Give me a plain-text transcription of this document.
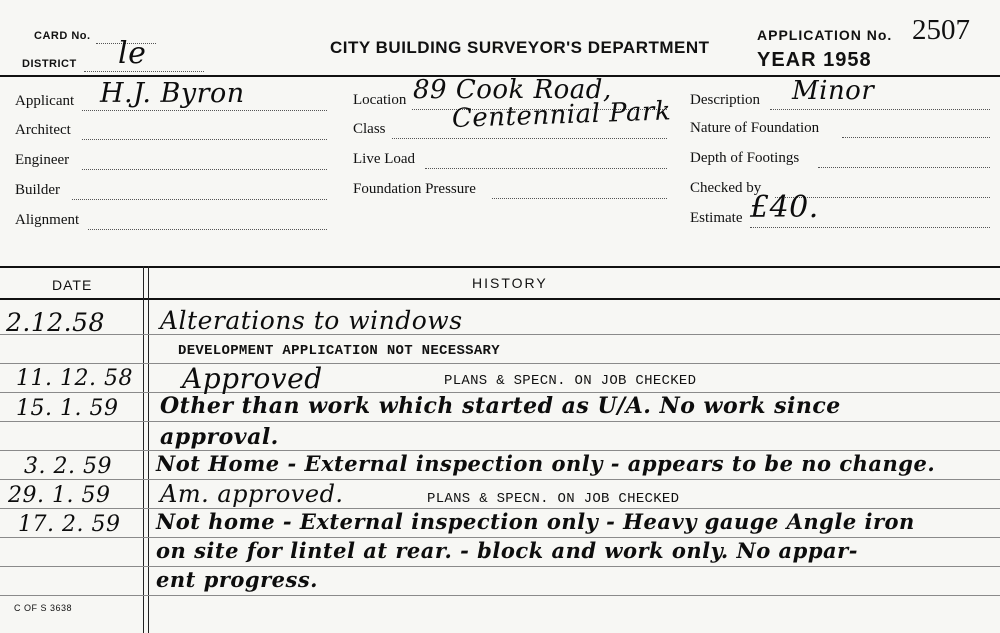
CARD No.
DISTRICT le	CITY BUILDING SURVEYOR'S DEPARTMENT
APPLICATION No. 2507
YEAR 1958
Applicant H.J. Byron
Architect
Engineer
Builder
Alignment
Location 89 Cook Road,
Class	Centennial Park
Live Load
Foundation Pressure
Description Minor
Nature of Foundation
Depth of Footings
Checked by
Estimate £40.
DATE	HISTORY
2.12.58 Alterations to windows
DEVELOPMENT APPLICATION NOT NECESSARY
11. 12. 58 Approved	PLANS & SPECN. ON JOB CHECKED
15. 1. 59 Other than work which started as U/A. No work since
approval.
3. 2. 59 Not Home - External inspection only - appears to be no change.
29. 1. 59 Am. approved.	PLANS & SPECN. ON JOB CHECKED
17. 2. 59 Not home - External inspection only - Heavy gauge Angle iron
on site for lintel at rear. - block and work only. No appar-
ent progress.
C OF S 3638
